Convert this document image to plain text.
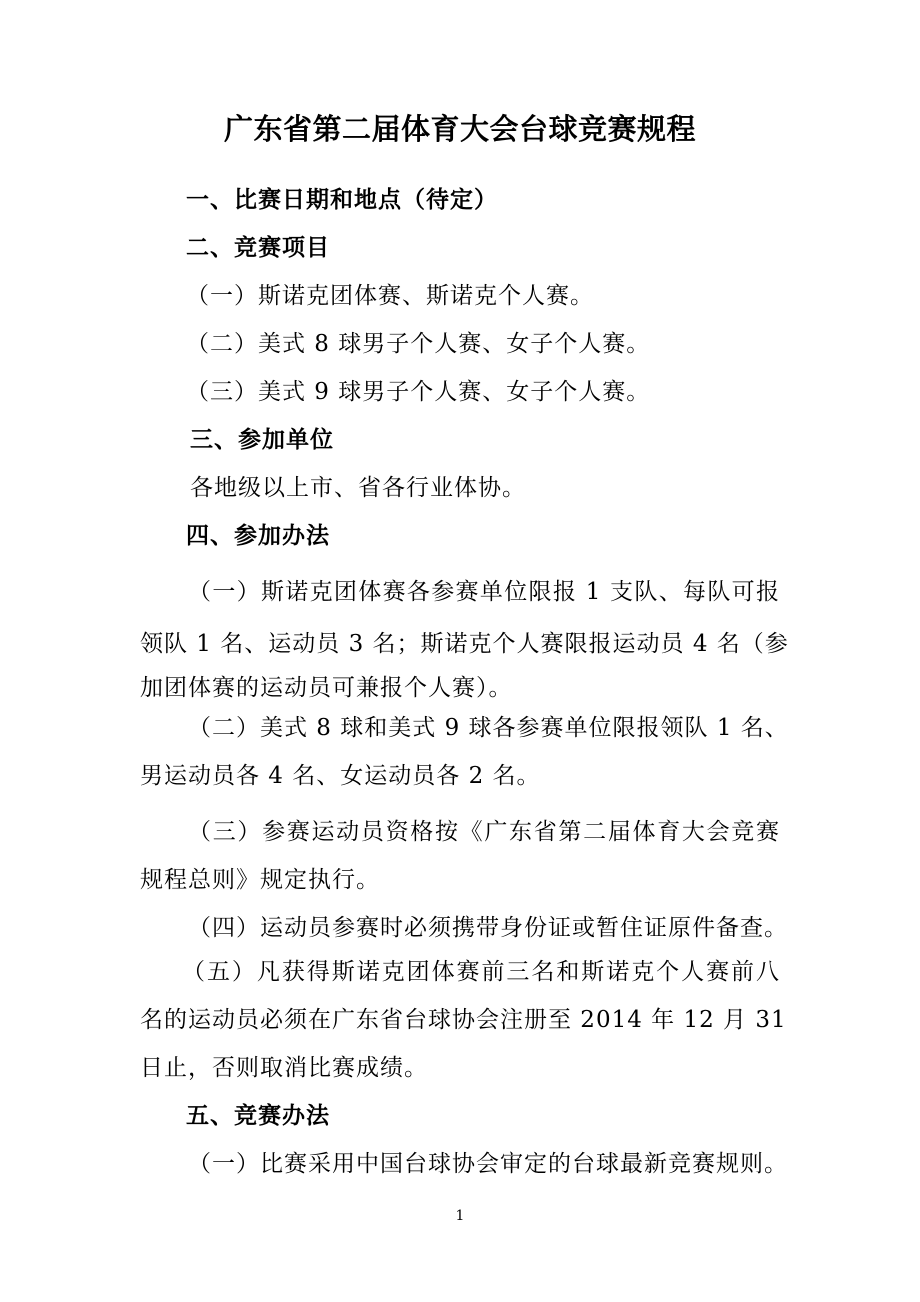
广东省第二届体育大会台球竞赛规程
一、比赛日期和地点（待定）
二、竞赛项目
（一）斯诺克团体赛、斯诺克个人赛。
（二）美式 8 球男子个人赛、女子个人赛。
（三）美式 9 球男子个人赛、女子个人赛。
三、参加单位
各地级以上市、省各行业体协。
四、参加办法
（一）斯诺克团体赛各参赛单位限报 1 支队、每队可报
领队 1 名、运动员 3 名；斯诺克个人赛限报运动员 4 名（参
加团体赛的运动员可兼报个人赛）。
（二）美式 8 球和美式 9 球各参赛单位限报领队 1 名、
男运动员各 4 名、女运动员各 2 名。
（三）参赛运动员资格按《广东省第二届体育大会竞赛
规程总则》规定执行。
（四）运动员参赛时必须携带身份证或暂住证原件备查。
（五）凡获得斯诺克团体赛前三名和斯诺克个人赛前八
名的运动员必须在广东省台球协会注册至 2014 年 12 月 31
日止，否则取消比赛成绩。
五、竞赛办法
（一）比赛采用中国台球协会审定的台球最新竞赛规则。
1
